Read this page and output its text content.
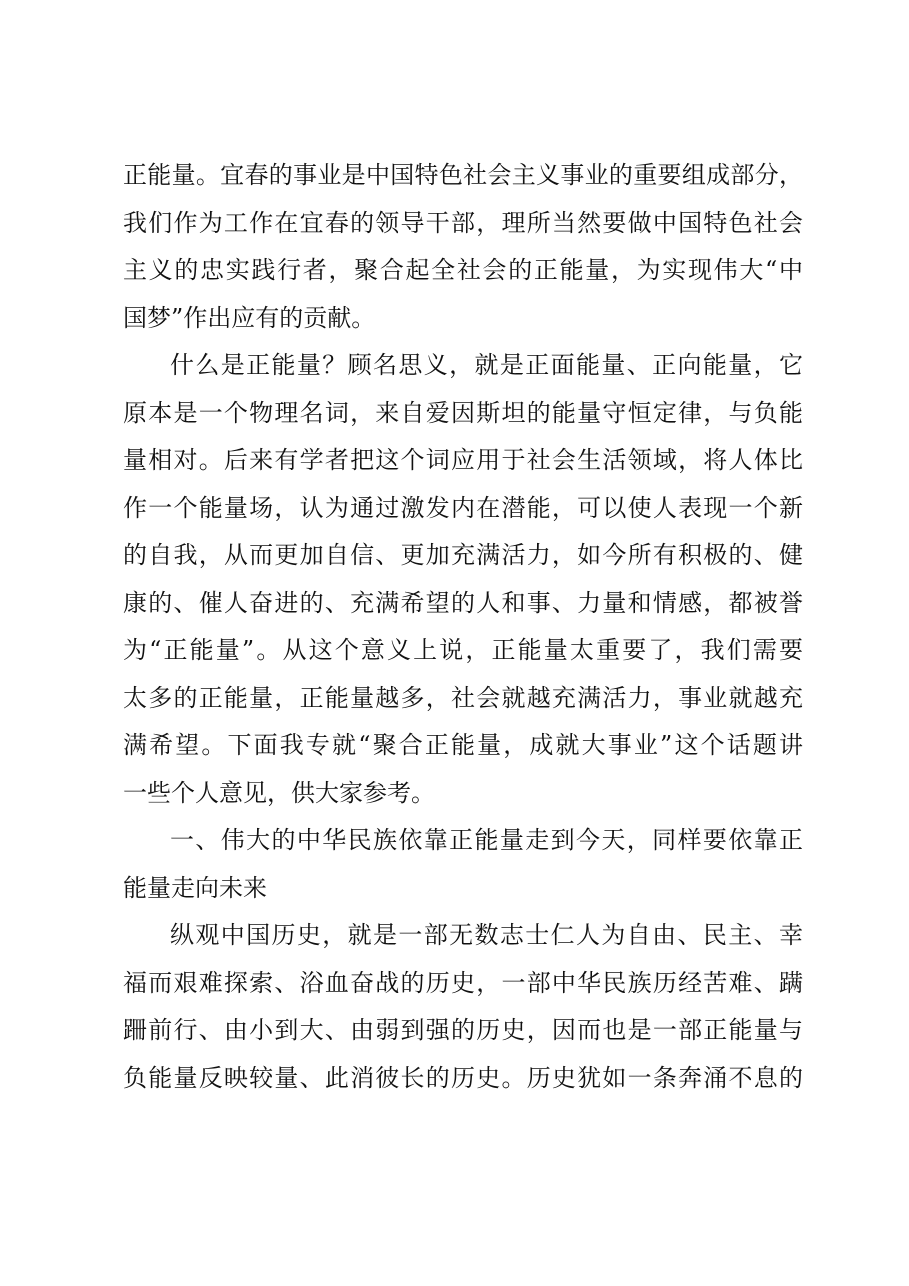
正能量。宜春的事业是中国特色社会主义事业的重要组成部分，
我们作为工作在宜春的领导干部，理所当然要做中国特色社会
主义的忠实践行者，聚合起全社会的正能量，为实现伟大“中
国梦”作出应有的贡献。
什么是正能量？顾名思义，就是正面能量、正向能量，它
原本是一个物理名词，来自爱因斯坦的能量守恒定律，与负能
量相对。后来有学者把这个词应用于社会生活领域，将人体比
作一个能量场，认为通过激发内在潜能，可以使人表现一个新
的自我，从而更加自信、更加充满活力，如今所有积极的、健
康的、催人奋进的、充满希望的人和事、力量和情感，都被誉
为“正能量”。从这个意义上说，正能量太重要了，我们需要
太多的正能量，正能量越多，社会就越充满活力，事业就越充
满希望。下面我专就“聚合正能量，成就大事业”这个话题讲
一些个人意见，供大家参考。
一、伟大的中华民族依靠正能量走到今天，同样要依靠正
能量走向未来
纵观中国历史，就是一部无数志士仁人为自由、民主、幸
福而艰难探索、浴血奋战的历史，一部中华民族历经苦难、蹒
跚前行、由小到大、由弱到强的历史，因而也是一部正能量与
负能量反映较量、此消彼长的历史。历史犹如一条奔涌不息的
